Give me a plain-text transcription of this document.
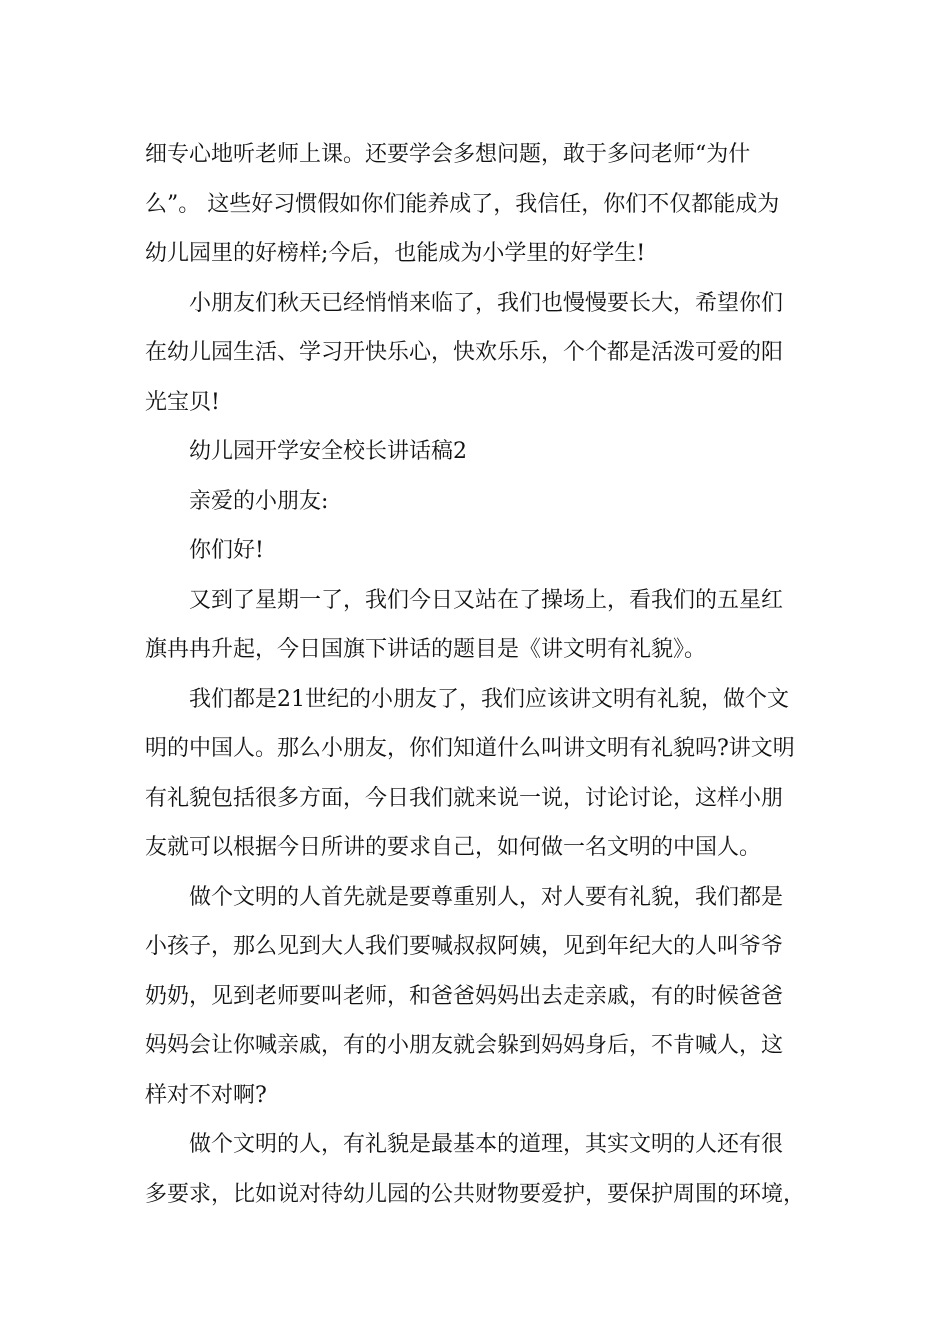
细专心地听老师上课。还要学会多想问题，敢于多问老师“为什
么”。 这些好习惯假如你们能养成了，我信任，你们不仅都能成为
幼儿园里的好榜样;今后，也能成为小学里的好学生!

小朋友们秋天已经悄悄来临了，我们也慢慢要长大，希望你们
在幼儿园生活、学习开快乐心，快欢乐乐，个个都是活泼可爱的阳
光宝贝!

幼儿园开学安全校长讲话稿2

亲爱的小朋友:

你们好!

又到了星期一了，我们今日又站在了操场上，看我们的五星红
旗冉冉升起，今日国旗下讲话的题目是《讲文明有礼貌》。

我们都是21世纪的小朋友了，我们应该讲文明有礼貌，做个文
明的中国人。那么小朋友，你们知道什么叫讲文明有礼貌吗?讲文明
有礼貌包括很多方面，今日我们就来说一说，讨论讨论，这样小朋
友就可以根据今日所讲的要求自己，如何做一名文明的中国人。

做个文明的人首先就是要尊重别人，对人要有礼貌，我们都是
小孩子，那么见到大人我们要喊叔叔阿姨，见到年纪大的人叫爷爷
奶奶，见到老师要叫老师，和爸爸妈妈出去走亲戚，有的时候爸爸
妈妈会让你喊亲戚，有的小朋友就会躲到妈妈身后，不肯喊人，这
样对不对啊?

做个文明的人，有礼貌是最基本的道理，其实文明的人还有很
多要求，比如说对待幼儿园的公共财物要爱护，要保护周围的环境，
